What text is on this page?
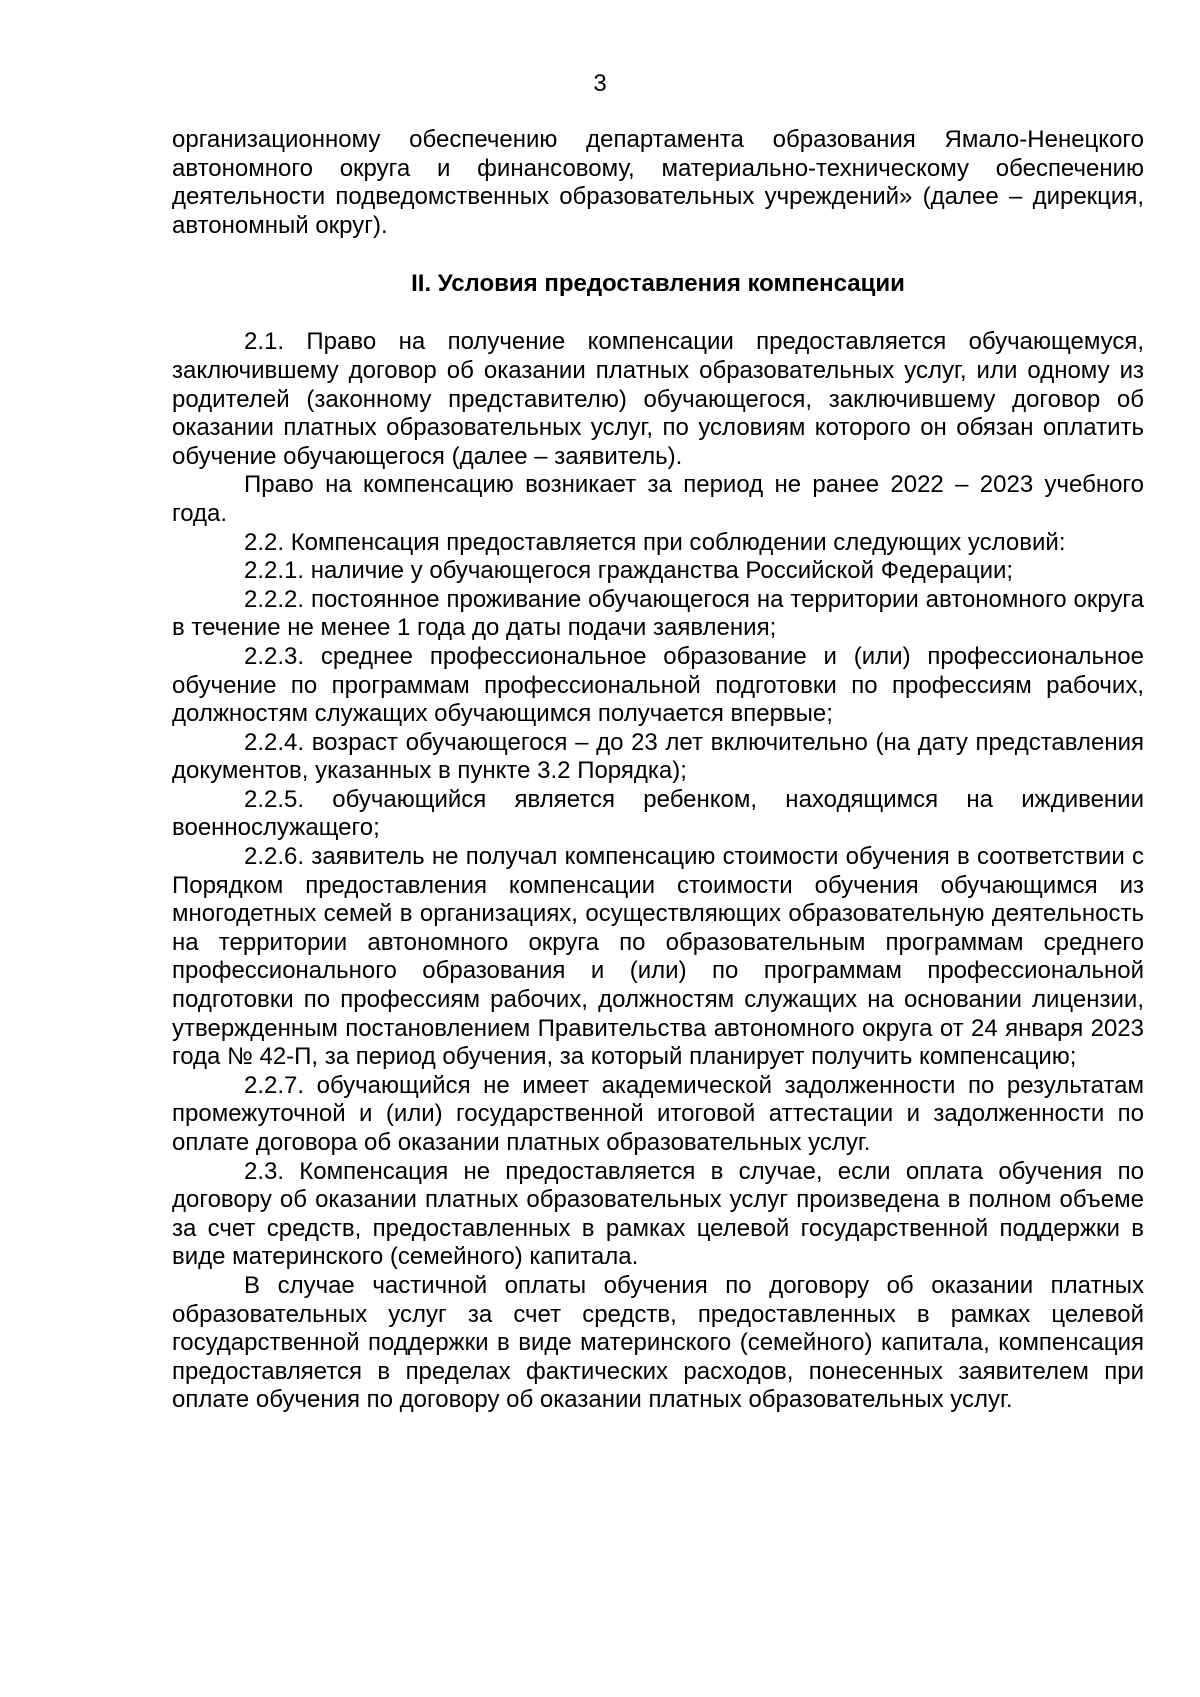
3

организационному обеспечению департамента образования Ямало-Ненецкого автономного округа и финансовому, материально-техническому обеспечению деятельности подведомственных образовательных учреждений» (далее – дирекция, автономный округ).

II. Условия предоставления компенсации

2.1. Право на получение компенсации предоставляется обучающемуся, заключившему договор об оказании платных образовательных услуг, или одному из родителей (законному представителю) обучающегося, заключившему договор об оказании платных образовательных услуг, по условиям которого он обязан оплатить обучение обучающегося (далее – заявитель).

Право на компенсацию возникает за период не ранее 2022 – 2023 учебного года.

2.2. Компенсация предоставляется при соблюдении следующих условий:

2.2.1. наличие у обучающегося гражданства Российской Федерации;

2.2.2. постоянное проживание обучающегося на территории автономного округа в течение не менее 1 года до даты подачи заявления;

2.2.3. среднее профессиональное образование и (или) профессиональное обучение по программам профессиональной подготовки по профессиям рабочих, должностям служащих обучающимся получается впервые;

2.2.4. возраст обучающегося – до 23 лет включительно (на дату представления документов, указанных в пункте 3.2 Порядка);

2.2.5. обучающийся является ребенком, находящимся на иждивении военнослужащего;

2.2.6. заявитель не получал компенсацию стоимости обучения в соответствии с Порядком предоставления компенсации стоимости обучения обучающимся из многодетных семей в организациях, осуществляющих образовательную деятельность на территории автономного округа по образовательным программам среднего профессионального образования и (или) по программам профессиональной подготовки по профессиям рабочих, должностям служащих на основании лицензии, утвержденным постановлением Правительства автономного округа от 24 января 2023 года № 42-П, за период обучения, за который планирует получить компенсацию;

2.2.7. обучающийся не имеет академической задолженности по результатам промежуточной и (или) государственной итоговой аттестации и задолженности по оплате договора об оказании платных образовательных услуг.

2.3. Компенсация не предоставляется в случае, если оплата обучения по договору об оказании платных образовательных услуг произведена в полном объеме за счет средств, предоставленных в рамках целевой государственной поддержки в виде материнского (семейного) капитала.

В случае частичной оплаты обучения по договору об оказании платных образовательных услуг за счет средств, предоставленных в рамках целевой государственной поддержки в виде материнского (семейного) капитала, компенсация предоставляется в пределах фактических расходов, понесенных заявителем при оплате обучения по договору об оказании платных образовательных услуг.
